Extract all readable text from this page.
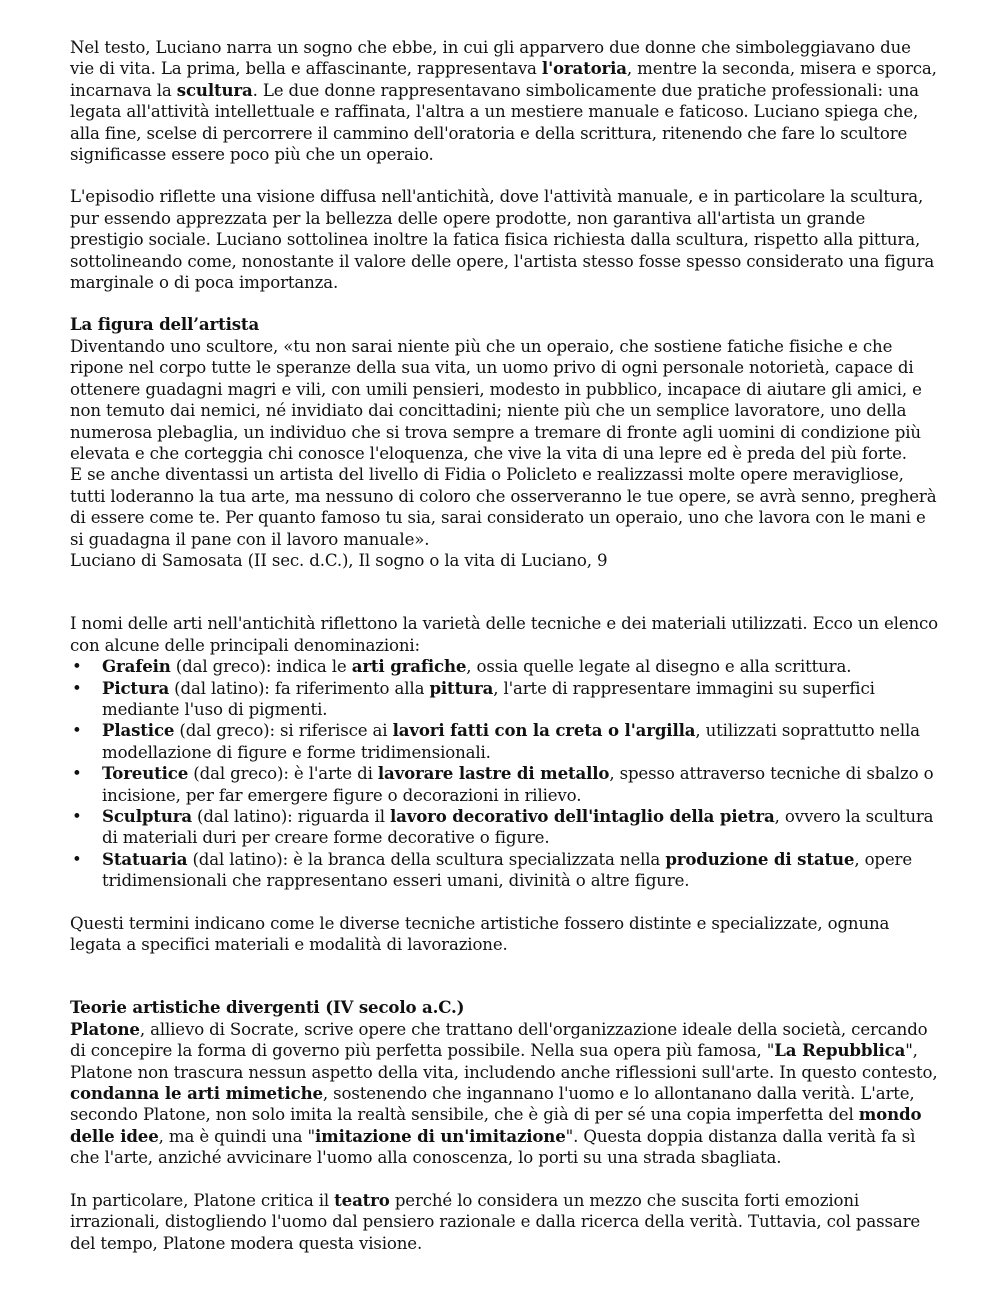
Nel testo, Luciano narra un sogno che ebbe, in cui gli apparvero due donne che simboleggiavano due vie di vita. La prima, bella e affascinante, rappresentava l'oratoria, mentre la seconda, misera e sporca, incarnava la scultura. Le due donne rappresentavano simbolicamente due pratiche professionali: una legata all'attività intellettuale e raffinata, l'altra a un mestiere manuale e faticoso. Luciano spiega che, alla fine, scelse di percorrere il cammino dell'oratoria e della scrittura, ritenendo che fare lo scultore significasse essere poco più che un operaio.

L'episodio riflette una visione diffusa nell'antichità, dove l'attività manuale, e in particolare la scultura, pur essendo apprezzata per la bellezza delle opere prodotte, non garantiva all'artista un grande prestigio sociale. Luciano sottolinea inoltre la fatica fisica richiesta dalla scultura, rispetto alla pittura, sottolineando come, nonostante il valore delle opere, l'artista stesso fosse spesso considerato una figura marginale o di poca importanza.

La figura dell’artista

Diventando uno scultore, «tu non sarai niente più che un operaio, che sostiene fatiche fisiche e che ripone nel corpo tutte le speranze della sua vita, un uomo privo di ogni personale notorietà, capace di ottenere guadagni magri e vili, con umili pensieri, modesto in pubblico, incapace di aiutare gli amici, e non temuto dai nemici, né invidiato dai concittadini; niente più che un semplice lavoratore, uno della numerosa plebaglia, un individuo che si trova sempre a tremare di fronte agli uomini di condizione più elevata e che corteggia chi conosce l'eloquenza, che vive la vita di una lepre ed è preda del più forte.

E se anche diventassi un artista del livello di Fidia o Policleto e realizzassi molte opere meravigliose, tutti loderanno la tua arte, ma nessuno di coloro che osserveranno le tue opere, se avrà senno, pregherà di essere come te. Per quanto famoso tu sia, sarai considerato un operaio, uno che lavora con le mani e si guadagna il pane con il lavoro manuale».

Luciano di Samosata (II sec. d.C.), Il sogno o la vita di Luciano, 9

I nomi delle arti nell'antichità riflettono la varietà delle tecniche e dei materiali utilizzati. Ecco un elenco con alcune delle principali denominazioni:

• Grafein (dal greco): indica le arti grafiche, ossia quelle legate al disegno e alla scrittura.
• Pictura (dal latino): fa riferimento alla pittura, l'arte di rappresentare immagini su superfici mediante l'uso di pigmenti.
• Plastice (dal greco): si riferisce ai lavori fatti con la creta o l'argilla, utilizzati soprattutto nella modellazione di figure e forme tridimensionali.
• Toreutice (dal greco): è l'arte di lavorare lastre di metallo, spesso attraverso tecniche di sbalzo o incisione, per far emergere figure o decorazioni in rilievo.
• Sculptura (dal latino): riguarda il lavoro decorativo dell'intaglio della pietra, ovvero la scultura di materiali duri per creare forme decorative o figure.
• Statuaria (dal latino): è la branca della scultura specializzata nella produzione di statue, opere tridimensionali che rappresentano esseri umani, divinità o altre figure.

Questi termini indicano come le diverse tecniche artistiche fossero distinte e specializzate, ognuna legata a specifici materiali e modalità di lavorazione.

Teorie artistiche divergenti (IV secolo a.C.)

Platone, allievo di Socrate, scrive opere che trattano dell'organizzazione ideale della società, cercando di concepire la forma di governo più perfetta possibile. Nella sua opera più famosa, "La Repubblica", Platone non trascura nessun aspetto della vita, includendo anche riflessioni sull'arte. In questo contesto, condanna le arti mimetiche, sostenendo che ingannano l'uomo e lo allontanano dalla verità. L'arte, secondo Platone, non solo imita la realtà sensibile, che è già di per sé una copia imperfetta del mondo delle idee, ma è quindi una "imitazione di un'imitazione". Questa doppia distanza dalla verità fa sì che l'arte, anziché avvicinare l'uomo alla conoscenza, lo porti su una strada sbagliata.

In particolare, Platone critica il teatro perché lo considera un mezzo che suscita forti emozioni irrazionali, distogliendo l'uomo dal pensiero razionale e dalla ricerca della verità. Tuttavia, col passare del tempo, Platone modera questa visione.
